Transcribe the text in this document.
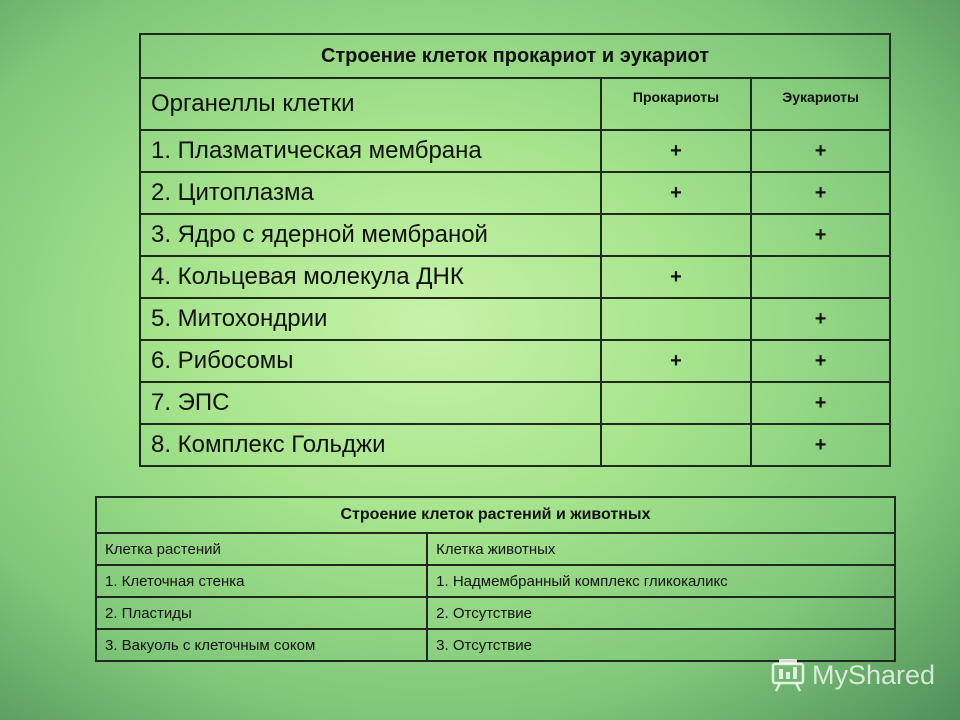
Строение клеток прокариот и эукариот		
Органеллы клетки	Прокариоты	Эукариоты
1. Плазматическая мембрана	+	+
2. Цитоплазма	+	+
3. Ядро с ядерной мембраной		+
4. Кольцевая молекула ДНК	+	
5. Митохондрии		+
6. Рибосомы	+	+
7. ЭПС		+
8. Комплекс Гольджи		+
Строение клеток растений и животных	
Клетка растений	Клетка животных
1. Клеточная стенка	1. Надмембранный комплекс гликокаликс
2. Пластиды	2. Отсутствие
3. Вакуоль с клеточным соком	3. Отсутствие
MyShared
